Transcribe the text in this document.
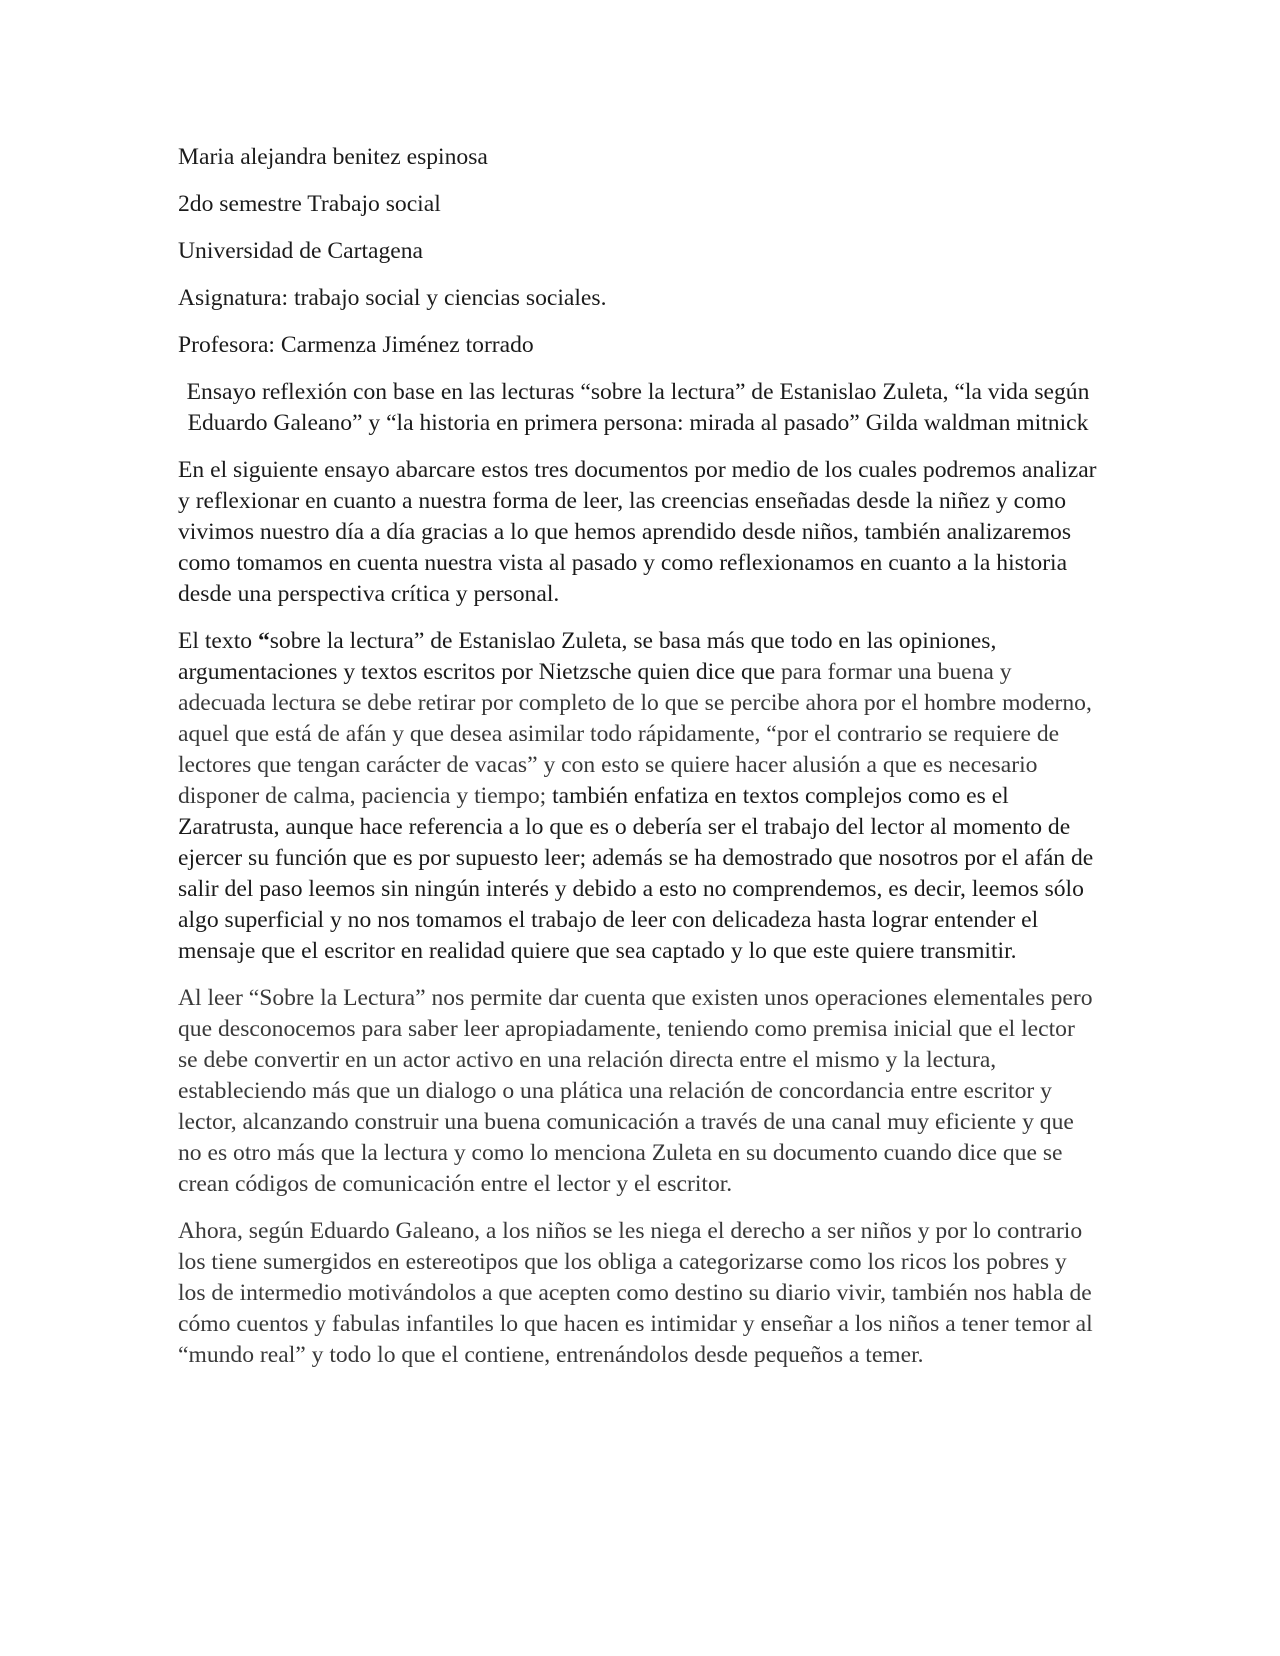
Maria alejandra benitez espinosa

2do semestre Trabajo social

Universidad de Cartagena

Asignatura: trabajo social y ciencias sociales.

Profesora: Carmenza Jiménez torrado

Ensayo reflexión con base en las lecturas “sobre la lectura” de Estanislao Zuleta, “la vida según Eduardo Galeano” y “la historia en primera persona: mirada al pasado” Gilda waldman mitnick

En el siguiente ensayo abarcare estos tres documentos por medio de los cuales podremos analizar y reflexionar en cuanto a nuestra forma de leer, las creencias enseñadas desde la niñez y como vivimos nuestro día a día gracias a lo que hemos aprendido desde niños, también analizaremos como tomamos en cuenta nuestra vista al pasado y como reflexionamos en cuanto a la historia desde una perspectiva crítica y personal.

El texto “sobre la lectura” de Estanislao Zuleta, se basa más que todo en las opiniones, argumentaciones y textos escritos por Nietzsche quien dice que para formar una buena y adecuada lectura se debe retirar por completo de lo que se percibe ahora por el hombre moderno, aquel que está de afán y que desea asimilar todo rápidamente, “por el contrario se requiere de lectores que tengan carácter de vacas” y con esto se quiere hacer alusión a que es necesario disponer de calma, paciencia y tiempo; también enfatiza en textos complejos como es el Zaratrusta, aunque hace referencia a lo que es o debería ser el trabajo del lector al momento de ejercer su función que es por supuesto leer; además se ha demostrado que nosotros por el afán de salir del paso leemos sin ningún interés y debido a esto no comprendemos, es decir, leemos sólo algo superficial y no nos tomamos el trabajo de leer con delicadeza hasta lograr entender el mensaje que el escritor en realidad quiere que sea captado y lo que este quiere transmitir.

Al leer “Sobre la Lectura” nos permite dar cuenta que existen unos operaciones elementales pero que desconocemos para saber leer apropiadamente, teniendo como premisa inicial que el lector se debe convertir en un actor activo en una relación directa entre el mismo y la lectura, estableciendo más que un dialogo o una plática una relación de concordancia entre escritor y lector, alcanzando construir una buena comunicación a través de una canal muy eficiente y que no es otro más que la lectura y como lo menciona Zuleta en su documento cuando dice que se crean códigos de comunicación entre el lector y el escritor.

Ahora, según Eduardo Galeano, a los niños se les niega el derecho a ser niños y por lo contrario los tiene sumergidos en estereotipos que los obliga a categorizarse como los ricos los pobres y los de intermedio motivándolos a que acepten como destino su diario vivir, también nos habla de cómo cuentos y fabulas infantiles lo que hacen es intimidar y enseñar a los niños a tener temor al “mundo real” y todo lo que el contiene, entrenándolos desde pequeños a temer.
